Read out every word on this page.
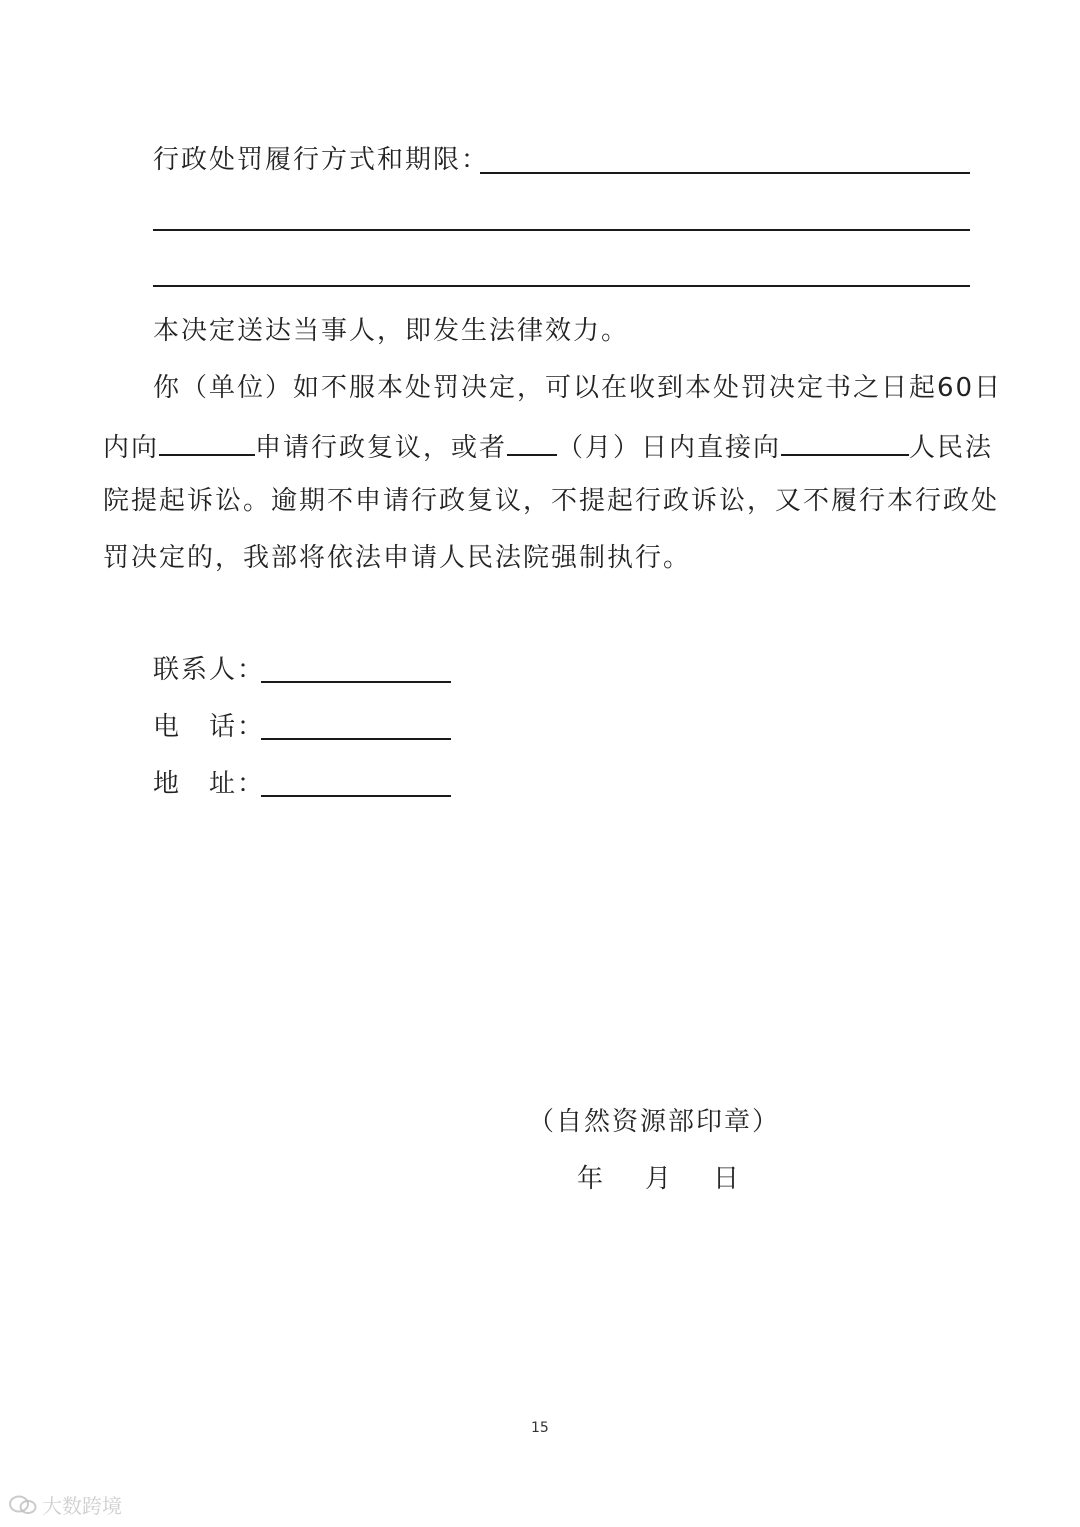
行政处罚履行方式和期限：
本决定送达当事人，即发生法律效力。
你（单位）如不服本处罚决定，可以在收到本处罚决定书之日起60日
内向	申请行政复议，或者 （月）日内直接向	人民法
院提起诉讼。逾期不申请行政复议，不提起行政诉讼，又不履行本行政处
罚决定的，我部将依法申请人民法院强制执行。
联系人：
电　话：
地　址：
（自然资源部印章）
年 月 日
15
大数跨境
